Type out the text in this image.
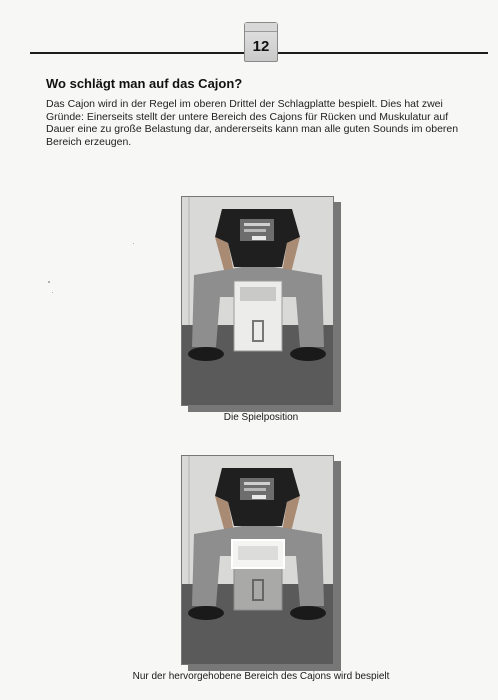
12
Wo schlägt man auf das Cajon?
Das Cajon wird in der Regel im oberen Drittel der Schlagplatte bespielt. Dies hat zwei Gründe: Einerseits stellt der untere Bereich des Cajons für Rücken und Muskulatur auf Dauer eine zu große Belastung dar, andererseits kann man alle guten Sounds im oberen Bereich erzeugen.
Die Spielposition
Nur der hervorgehobene Bereich des Cajons wird bespielt
